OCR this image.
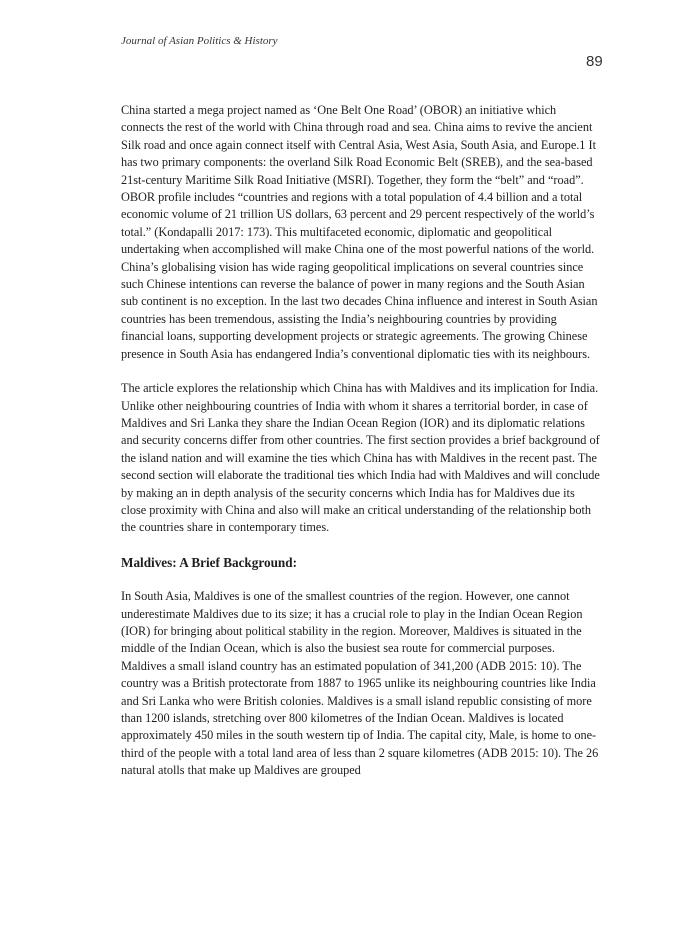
Journal of Asian Politics & History
89

China started a mega project named as ‘One Belt One Road’ (OBOR) an initiative which connects the rest of the world with China through road and sea. China aims to revive the ancient Silk road and once again connect itself with Central Asia, West Asia, South Asia, and Europe.1 It has two primary components: the overland Silk Road Economic Belt (SREB), and the sea-based 21st-century Maritime Silk Road Initiative (MSRI). Together, they form the “belt” and “road”. OBOR profile includes “countries and regions with a total population of 4.4 billion and a total economic volume of 21 trillion US dollars, 63 percent and 29 percent respectively of the world’s total.” (Kondapalli 2017: 173). This multifaceted economic, diplomatic and geopolitical undertaking when accomplished will make China one of the most powerful nations of the world. China’s globalising vision has wide raging geopolitical implications on several countries since such Chinese intentions can reverse the balance of power in many regions and the South Asian sub continent is no exception. In the last two decades China influence and interest in South Asian countries has been tremendous, assisting the India’s neighbouring countries by providing financial loans, supporting development projects or strategic agreements. The growing Chinese presence in South Asia has endangered India’s conventional diplomatic ties with its neighbours.

The article explores the relationship which China has with Maldives and its implication for India. Unlike other neighbouring countries of India with whom it shares a territorial border, in case of Maldives and Sri Lanka they share the Indian Ocean Region (IOR) and its diplomatic relations and security concerns differ from other countries. The first section provides a brief background of the island nation and will examine the ties which China has with Maldives in the recent past. The second section will elaborate the traditional ties which India had with Maldives and will conclude by making an in depth analysis of the security concerns which India has for Maldives due its close proximity with China and also will make an critical understanding of the relationship both the countries share in contemporary times.

Maldives: A Brief Background:

In South Asia, Maldives is one of the smallest countries of the region. However, one cannot underestimate Maldives due to its size; it has a crucial role to play in the Indian Ocean Region (IOR) for bringing about political stability in the region. Moreover, Maldives is situated in the middle of the Indian Ocean, which is also the busiest sea route for commercial purposes. Maldives a small island country has an estimated population of 341,200 (ADB 2015: 10). The country was a British protectorate from 1887 to 1965 unlike its neighbouring countries like India and Sri Lanka who were British colonies. Maldives is a small island republic consisting of more than 1200 islands, stretching over 800 kilometres of the Indian Ocean. Maldives is located approximately 450 miles in the south western tip of India. The capital city, Male, is home to one-third of the people with a total land area of less than 2 square kilometres (ADB 2015: 10). The 26 natural atolls that make up Maldives are grouped
